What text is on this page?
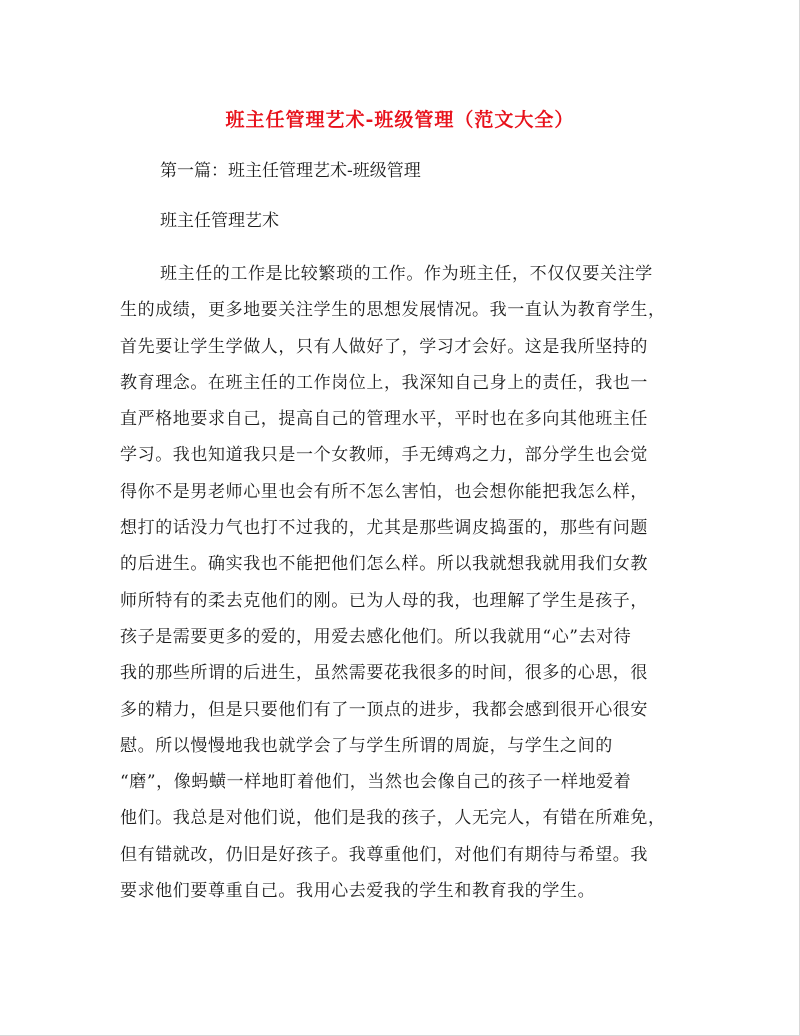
班主任管理艺术-班级管理（范文大全）
第一篇：班主任管理艺术-班级管理
班主任管理艺术
班主任的工作是比较繁琐的工作。作为班主任，不仅仅要关注学
生的成绩，更多地要关注学生的思想发展情况。我一直认为教育学生，
首先要让学生学做人，只有人做好了，学习才会好。这是我所坚持的
教育理念。在班主任的工作岗位上，我深知自己身上的责任，我也一
直严格地要求自己，提高自己的管理水平，平时也在多向其他班主任
学习。我也知道我只是一个女教师，手无缚鸡之力，部分学生也会觉
得你不是男老师心里也会有所不怎么害怕，也会想你能把我怎么样，
想打的话没力气也打不过我的，尤其是那些调皮捣蛋的，那些有问题
的后进生。确实我也不能把他们怎么样。所以我就想我就用我们女教
师所特有的柔去克他们的刚。已为人母的我，也理解了学生是孩子，
孩子是需要更多的爱的，用爱去感化他们。所以我就用“心”去对待
我的那些所谓的后进生，虽然需要花我很多的时间，很多的心思，很
多的精力，但是只要他们有了一顶点的进步，我都会感到很开心很安
慰。所以慢慢地我也就学会了与学生所谓的周旋，与学生之间的
“磨”，像蚂蟥一样地盯着他们，当然也会像自己的孩子一样地爱着
他们。我总是对他们说，他们是我的孩子，人无完人，有错在所难免，
但有错就改，仍旧是好孩子。我尊重他们，对他们有期待与希望。我
要求他们要尊重自己。我用心去爱我的学生和教育我的学生。
